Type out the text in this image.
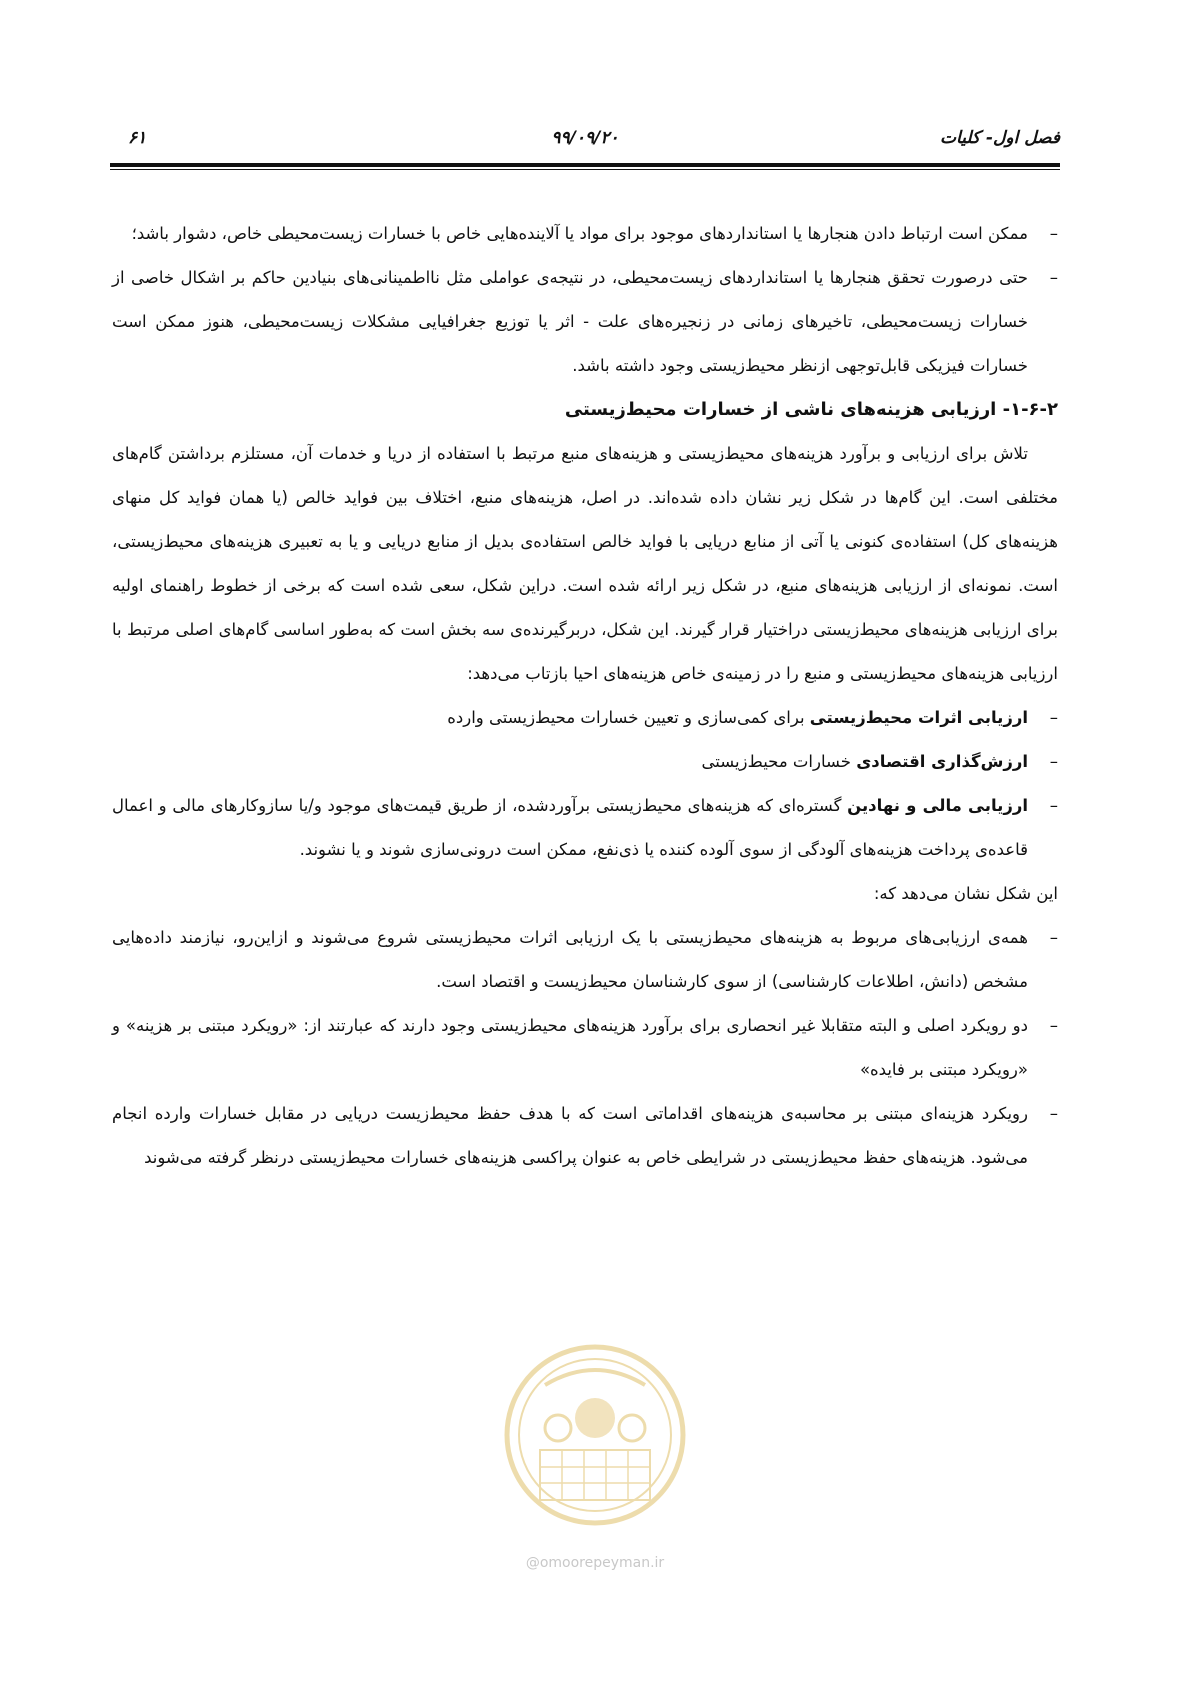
فصل اول- کلیات
۹۹/۰۹/۲۰
۶۱
–
ممکن است ارتباط دادن هنجارها یا استانداردهای موجود برای مواد یا آلاینده‌هایی خاص با خسارات زیست‌محیطی خاص، دشوار باشد؛
–
حتی درصورت تحقق هنجارها یا استانداردهای زیست‌محیطی، در نتیجه‌ی عواملی مثل نااطمینانی‌های بنیادین حاکم بر اشکال خاصی از خسارات زیست‌محیطی، تاخیرهای زمانی در زنجیره‌های علت - اثر یا توزیع جغرافیایی مشکلات زیست‌محیطی، هنوز ممکن است خسارات فیزیکی قابل‌توجهی ازنظر محیط‌زیستی وجود داشته باشد.

۱-۶-۲- ارزیابی هزینه‌های ناشی از خسارات محیط‌زیستی

تلاش برای ارزیابی و برآورد هزینه‌های محیط‌زیستی و هزینه‌های منبع مرتبط با استفاده از دریا و خدمات آن، مستلزم برداشتن گام‌های مختلفی است. این گام‌ها در شکل زیر نشان داده شده‌اند. در اصل، هزینه‌های منبع، اختلاف بین فواید خالص (یا همان فواید کل منهای هزینه‌های کل) استفاده‌ی کنونی یا آتی از منابع دریایی با فواید خالص استفاده‌ی بدیل از منابع دریایی و یا به تعبیری هزینه‌های محیط‌زیستی، است. نمونه‌ای از ارزیابی هزینه‌های منبع، در شکل زیر ارائه شده است. دراین شکل، سعی شده است که برخی از خطوط راهنمای اولیه برای ارزیابی هزینه‌های محیط‌زیستی دراختیار قرار گیرند. این شکل، دربرگیرنده‌ی سه بخش است که به‌طور اساسی گام‌های اصلی مرتبط با ارزیابی هزینه‌های محیط‌زیستی و منبع را در زمینه‌ی خاص هزینه‌های احیا بازتاب می‌دهد:

–
ارزیابی اثرات محیط‌زیستی برای کمی‌سازی و تعیین خسارات محیط‌زیستی وارده
–
ارزش‌گذاری اقتصادی خسارات محیط‌زیستی
–
ارزیابی مالی و نهادین گستره‌ای که هزینه‌های محیط‌زیستی برآوردشده، از طریق قیمت‌های موجود و/یا سازوکارهای مالی و اعمال قاعده‌ی پرداخت هزینه‌های آلودگی از سوی آلوده کننده یا ذی‌نفع، ممکن است درونی‌سازی شوند و یا نشوند.

این شکل نشان می‌دهد که:

–
همه‌ی ارزیابی‌های مربوط به هزینه‌های محیط‌زیستی با یک ارزیابی اثرات محیط‌زیستی شروع می‌شوند و ازاین‌رو، نیازمند داده‌هایی مشخص (دانش، اطلاعات کارشناسی) از سوی کارشناسان محیط‌زیست و اقتصاد است.
–
دو رویکرد اصلی و البته متقابلا غیر انحصاری برای برآورد هزینه‌های محیط‌زیستی وجود دارند که عبارتند از: «رویکرد مبتنی بر هزینه» و «رویکرد مبتنی بر فایده»
–
رویکرد هزینه‌ای مبتنی بر محاسبه‌ی هزینه‌های اقداماتی است که با هدف حفظ محیط‌زیست دریایی در مقابل خسارات وارده انجام می‌شود. هزینه‌های حفظ محیط‌زیستی در شرایطی خاص به عنوان پراکسی هزینه‌های خسارات محیط‌زیستی درنظر گرفته می‌شوند
@omoorepeyman.ir
